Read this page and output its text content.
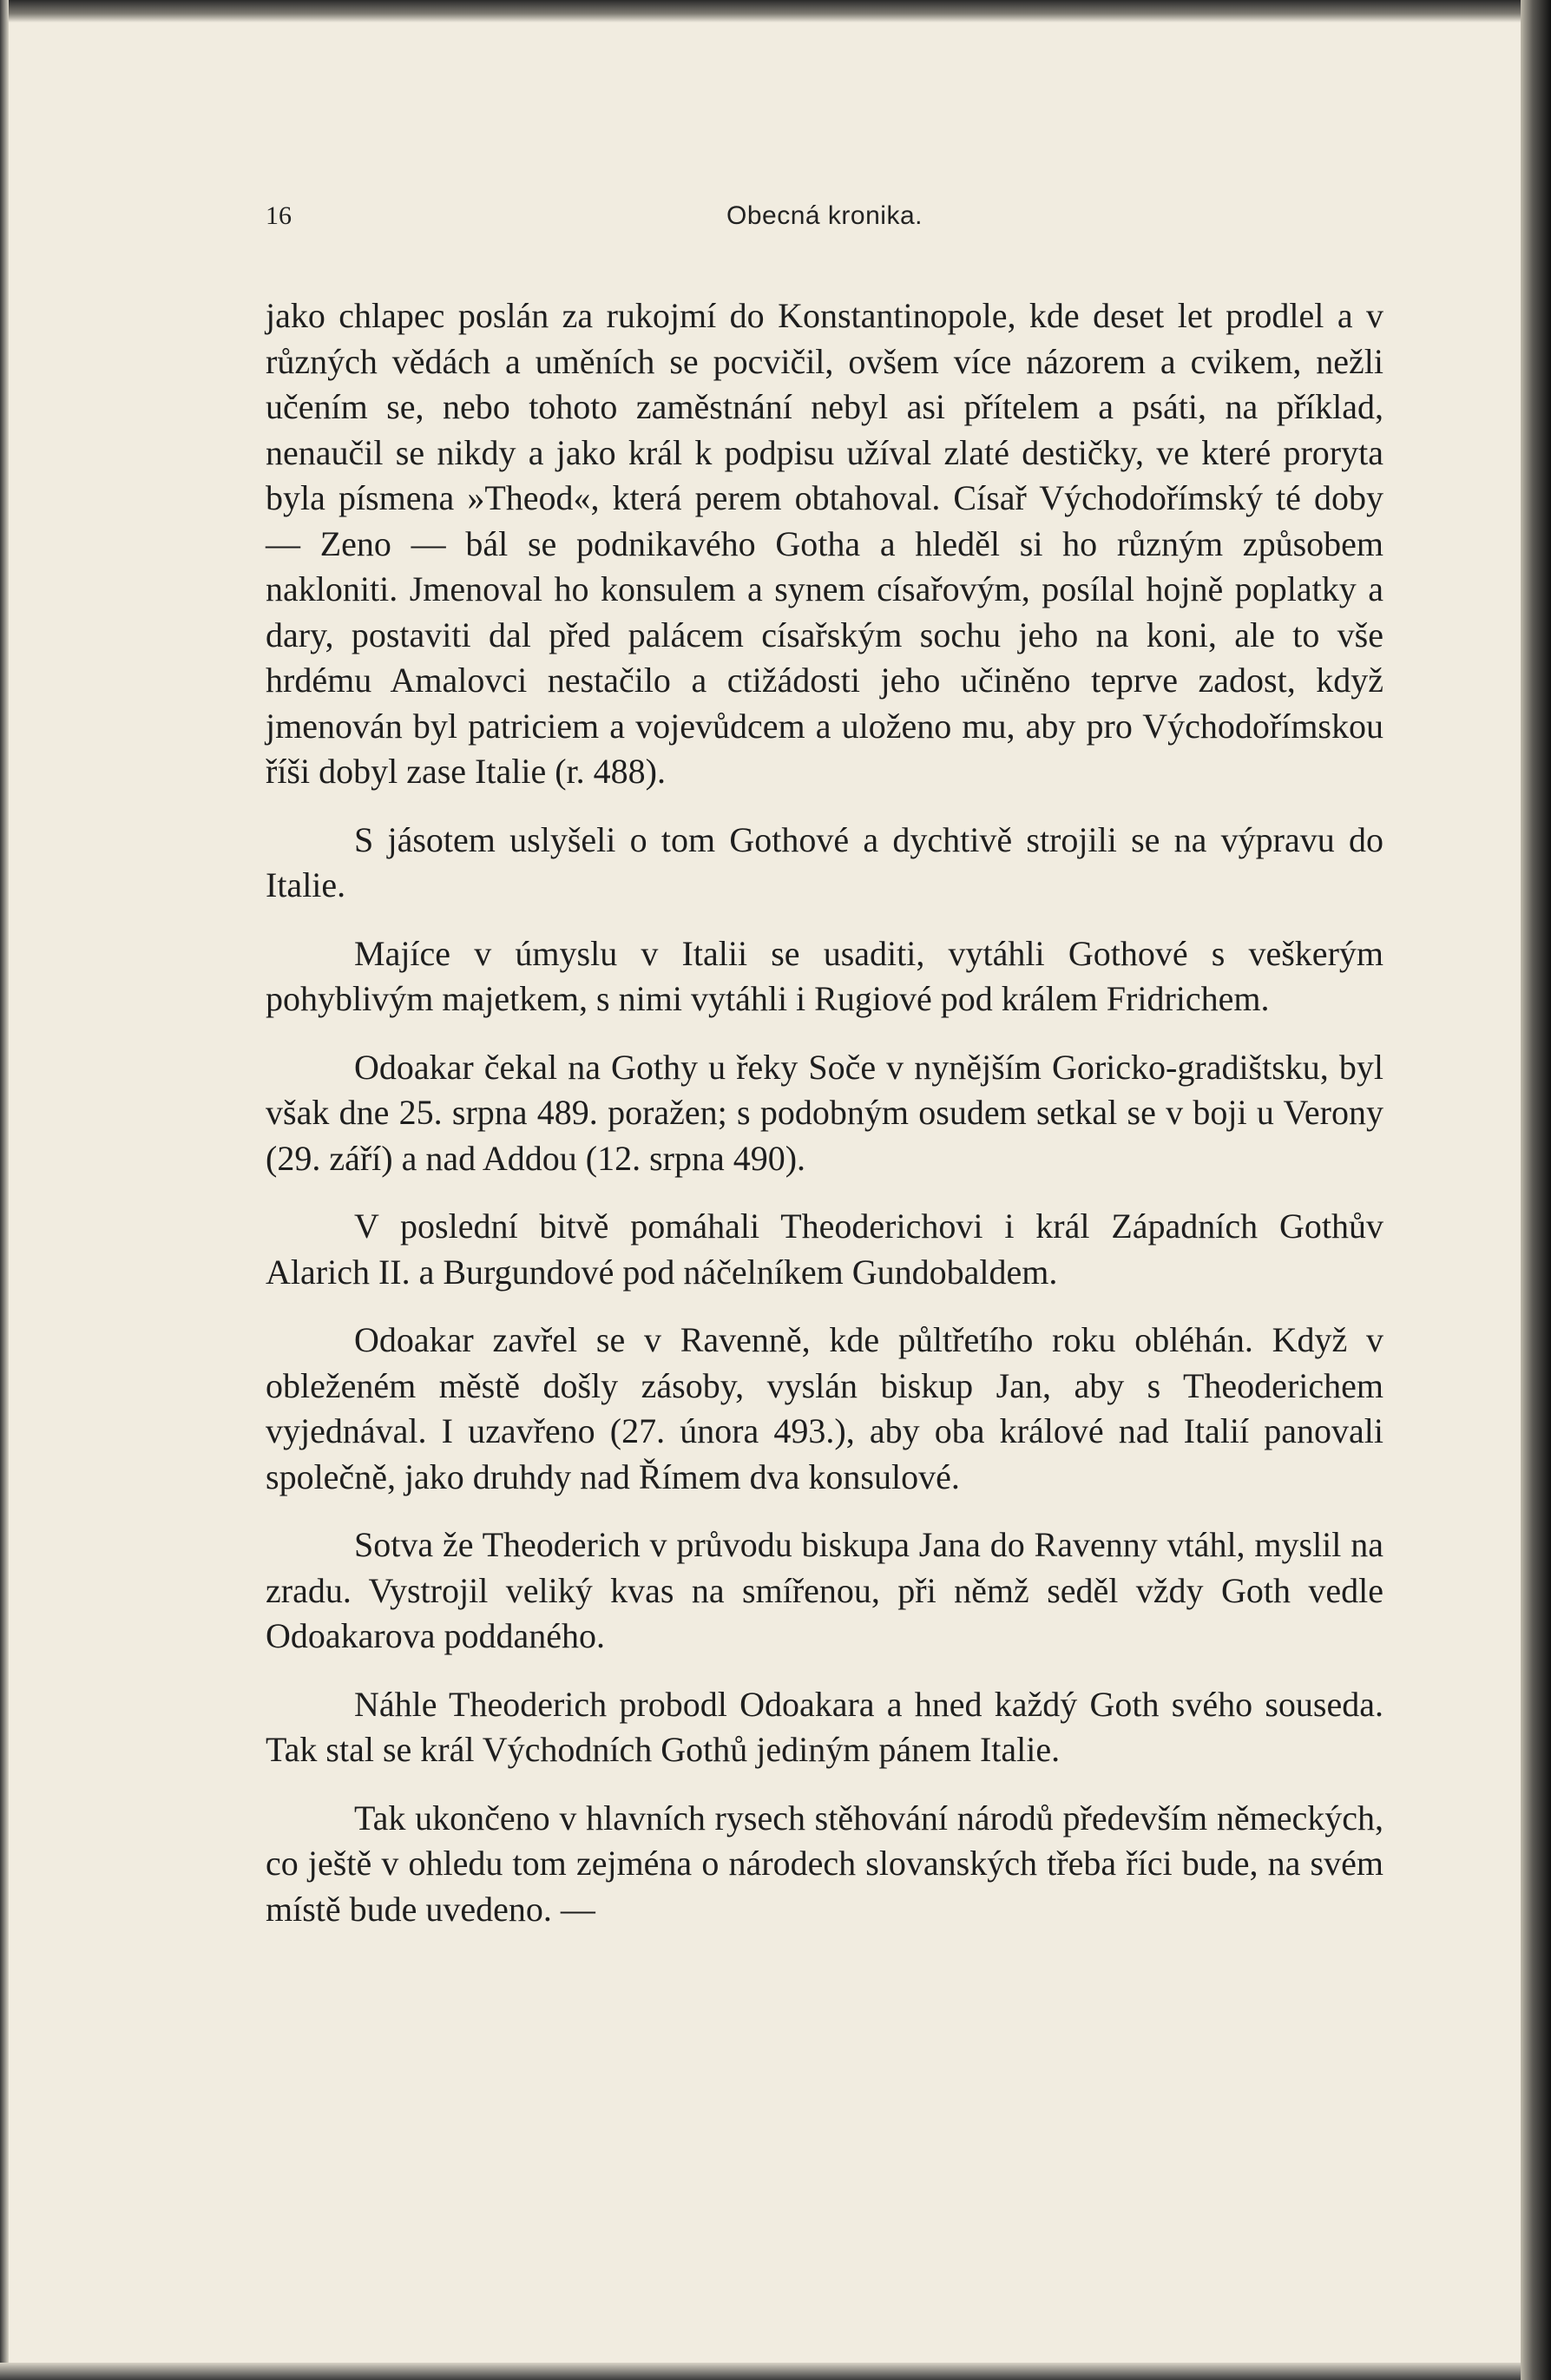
16	Obecná kronika.

jako chlapec poslán za rukojmí do Konstantinopole, kde deset let prodlel a v různých vědách a uměních se pocvičil, ovšem více názorem a cvikem, nežli učením se, nebo tohoto zaměstnání nebyl asi přítelem a psáti, na příklad, nenaučil se nikdy a jako král k podpisu užíval zlaté destičky, ve které proryta byla písmena »Theod«, která perem obtahoval. Císař Východořímský té doby — Zeno — bál se podnikavého Gotha a hleděl si ho různým způsobem nakloniti. Jmenoval ho konsulem a synem císařovým, posílal hojně poplatky a dary, postaviti dal před palácem císařským sochu jeho na koni, ale to vše hrdému Amalovci nestačilo a ctižádosti jeho učiněno teprve zadost, když jmenován byl patriciem a vojevůdcem a uloženo mu, aby pro Východořímskou říši dobyl zase Italie (r. 488).

S jásotem uslyšeli o tom Gothové a dychtivě strojili se na výpravu do Italie.

Majíce v úmyslu v Italii se usaditi, vytáhli Gothové s veškerým pohyblivým majetkem, s nimi vytáhli i Rugiové pod králem Fridrichem.

Odoakar čekal na Gothy u řeky Soče v nynějším Goricko-gradištsku, byl však dne 25. srpna 489. poražen; s podobným osudem setkal se v boji u Verony (29. září) a nad Addou (12. srpna 490).

V poslední bitvě pomáhali Theoderichovi i král Západních Gothův Alarich II. a Burgundové pod náčelníkem Gundobaldem.

Odoakar zavřel se v Ravenně, kde půltřetího roku obléhán. Když v obleženém městě došly zásoby, vyslán biskup Jan, aby s Theoderichem vyjednával. I uzavřeno (27. února 493.), aby oba králové nad Italií panovali společně, jako druhdy nad Římem dva konsulové.

Sotva že Theoderich v průvodu biskupa Jana do Ravenny vtáhl, myslil na zradu. Vystrojil veliký kvas na smířenou, při němž seděl vždy Goth vedle Odoakarova poddaného.

Náhle Theoderich probodl Odoakara a hned každý Goth svého souseda. Tak stal se král Východních Gothů jediným pánem Italie.

Tak ukončeno v hlavních rysech stěhování národů především německých, co ještě v ohledu tom zejména o národech slovanských třeba říci bude, na svém místě bude uvedeno. —
